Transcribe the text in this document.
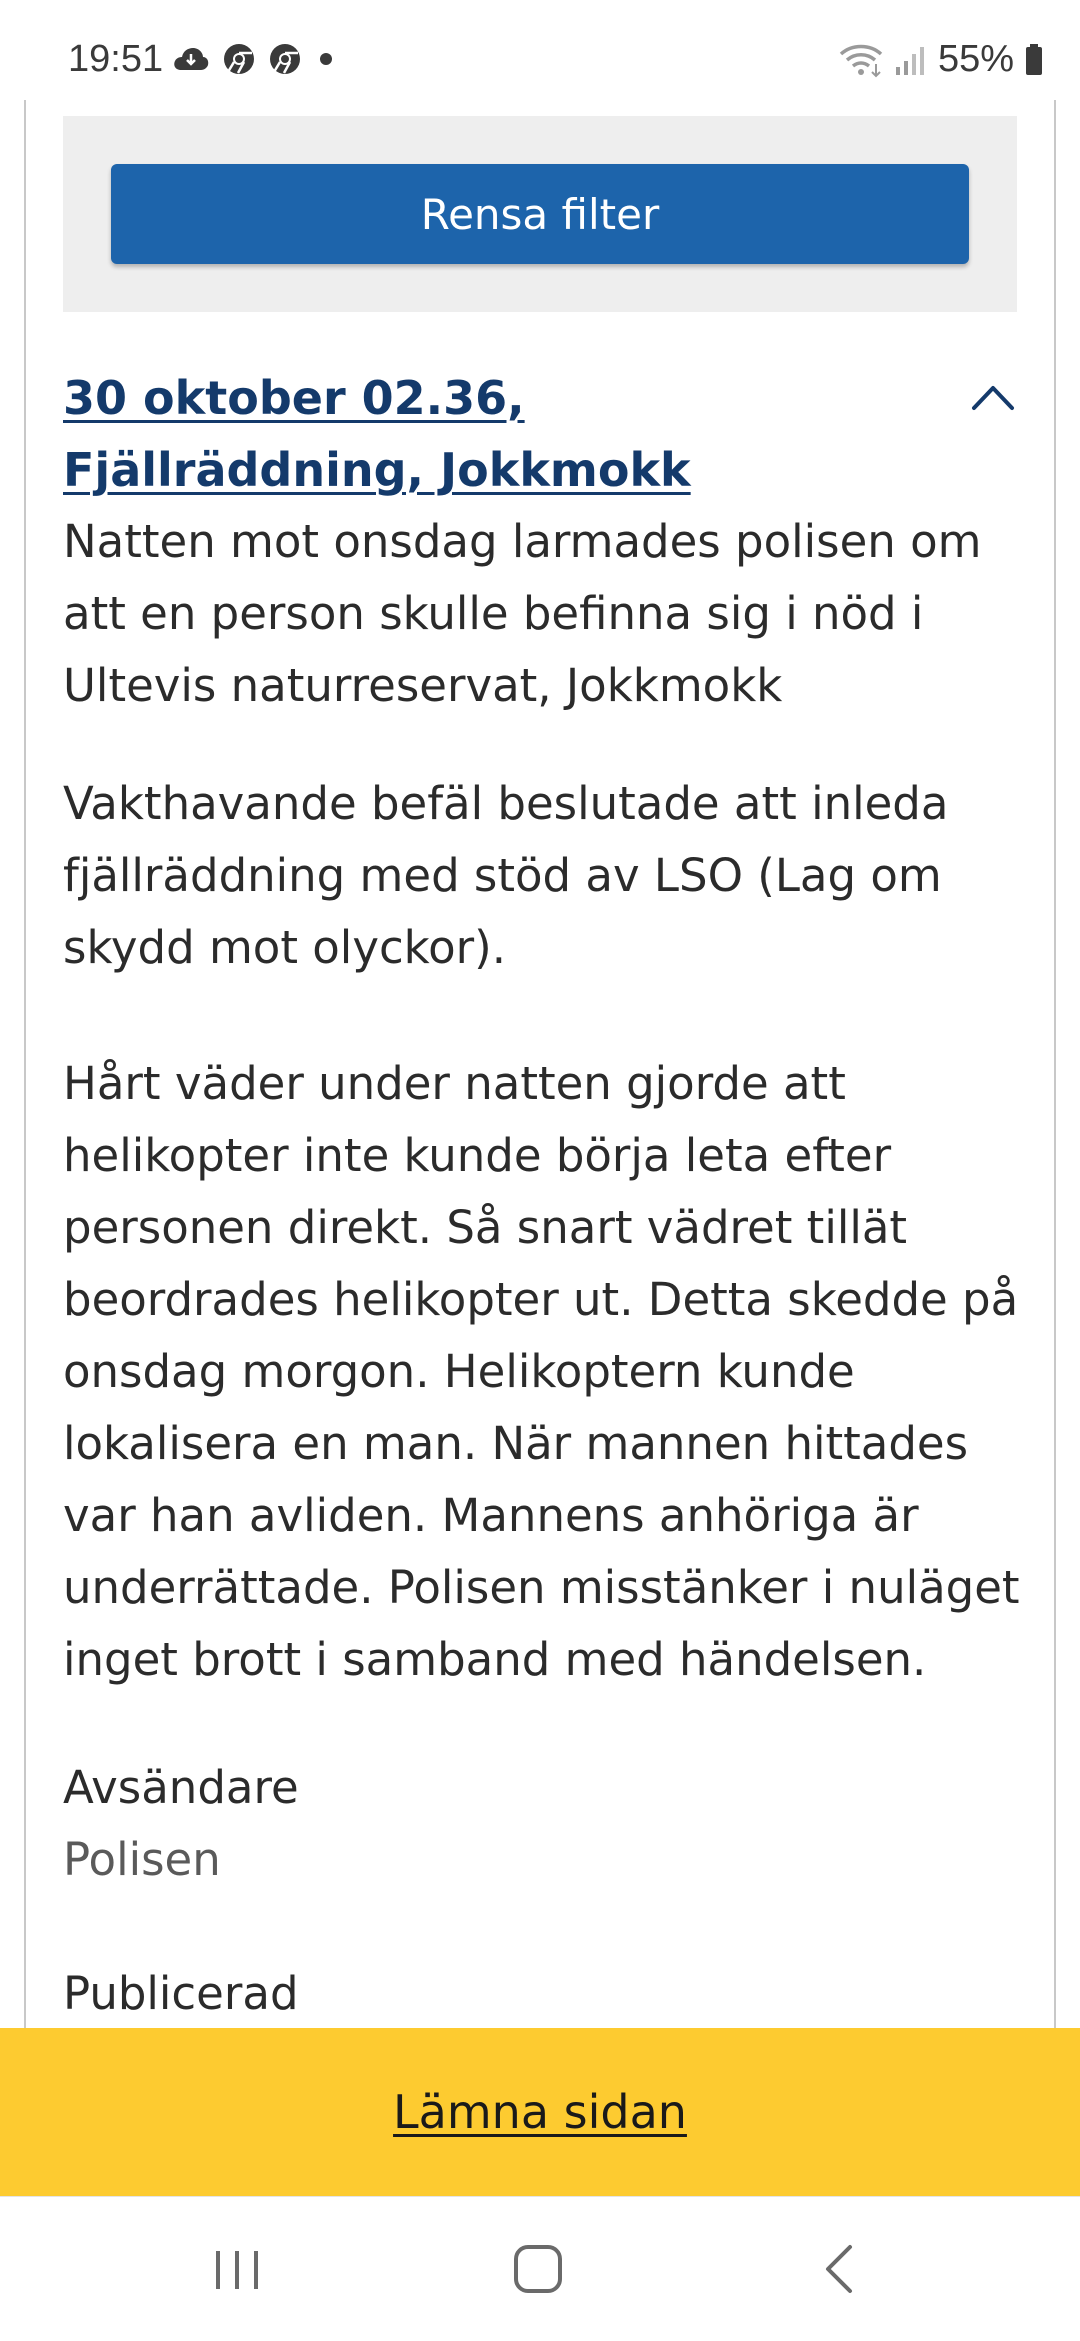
19:51	55%
Rensa filter
30 oktober 02.36, Fjällräddning, Jokkmokk
Natten mot onsdag larmades polisen om att en person skulle befinna sig i nöd i Ultevis naturreservat, Jokkmokk
Vakthavande befäl beslutade att inleda fjällräddning med stöd av LSO (Lag om skydd mot olyckor).
Hårt väder under natten gjorde att helikopter inte kunde börja leta efter personen direkt. Så snart vädret tillät beordrades helikopter ut. Detta skedde på onsdag morgon. Helikoptern kunde lokalisera en man. När mannen hittades var han avliden. Mannens anhöriga är underrättade. Polisen misstänker i nuläget inget brott i samband med händelsen.
Avsändare
Polisen
Publicerad
Lämna sidan
